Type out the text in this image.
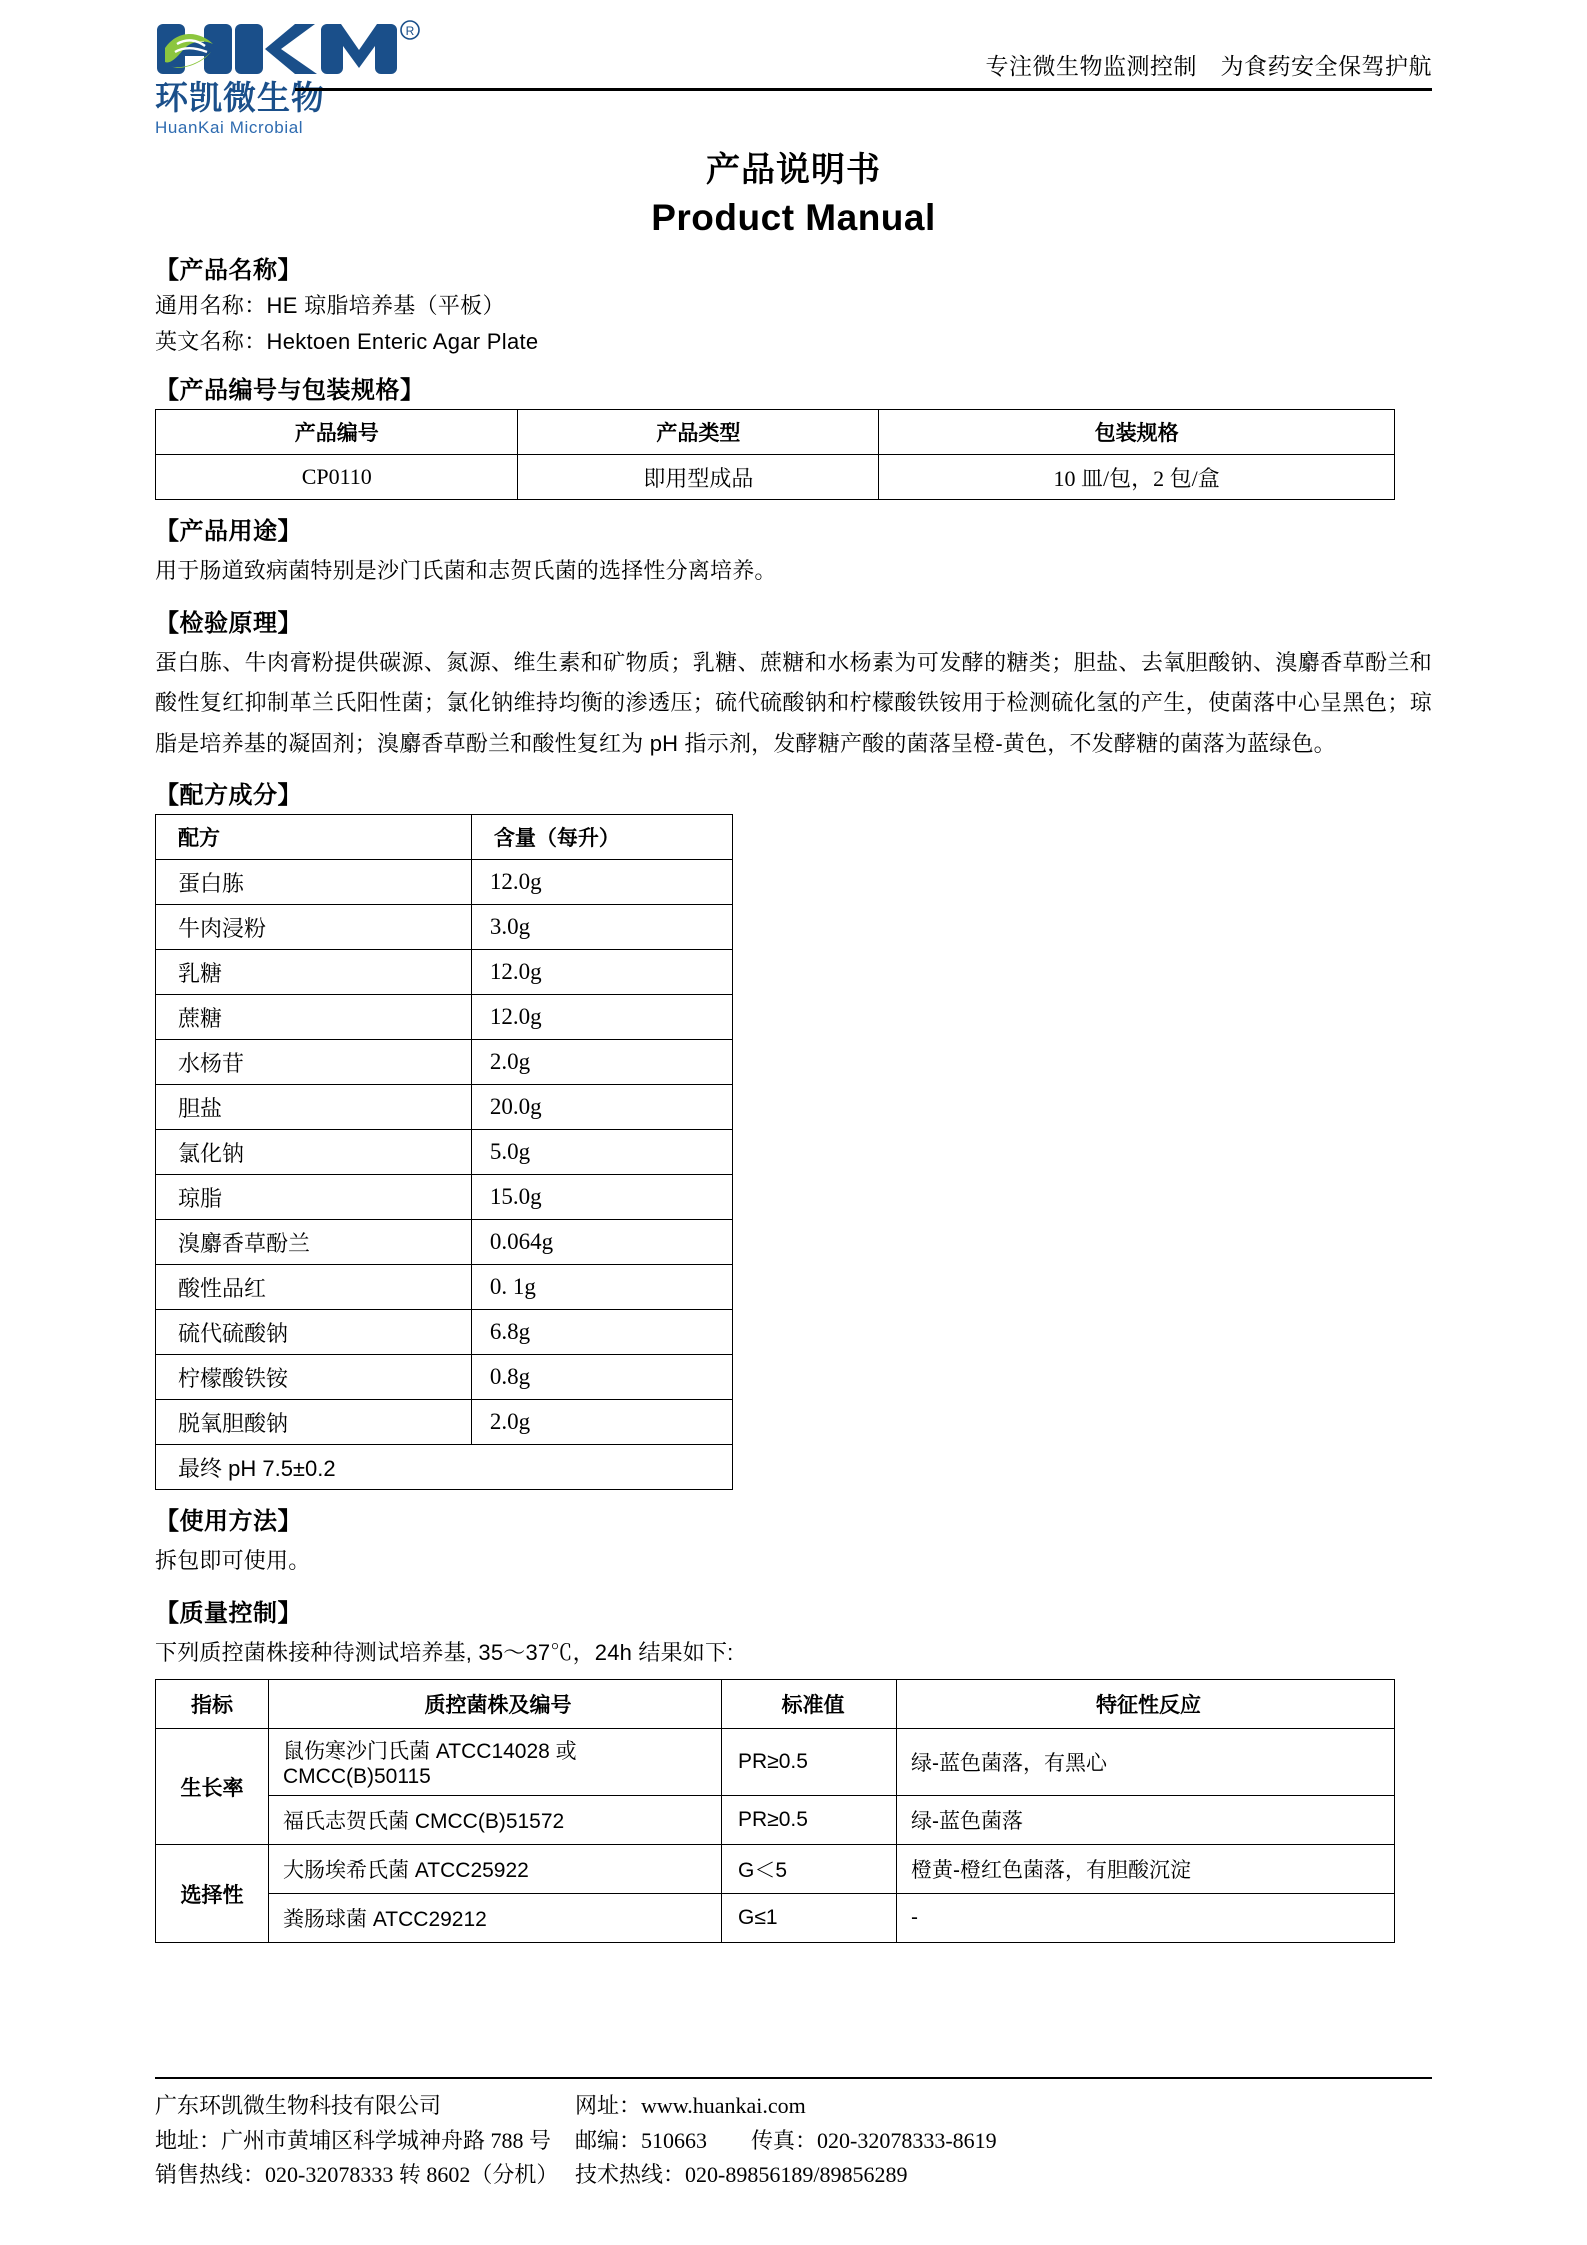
R
环凯微生物
HuanKai Microbial
专注微生物监测控制　为食药安全保驾护航
产品说明书
Product Manual
【产品名称】
通用名称：HE 琼脂培养基（平板）
英文名称：Hektoen Enteric Agar Plate
【产品编号与包装规格】
产品编号	产品类型	包装规格
CP0110	即用型成品	10 皿/包，2 包/盒
【产品用途】
用于肠道致病菌特别是沙门氏菌和志贺氏菌的选择性分离培养。
【检验原理】
蛋白胨、牛肉膏粉提供碳源、氮源、维生素和矿物质；乳糖、蔗糖和水杨素为可发酵的糖类；胆盐、去氧胆酸钠、溴麝香草酚兰和酸性复红抑制革兰氏阳性菌；氯化钠维持均衡的渗透压；硫代硫酸钠和柠檬酸铁铵用于检测硫化氢的产生，使菌落中心呈黑色；琼脂是培养基的凝固剂；溴麝香草酚兰和酸性复红为 pH 指示剂，发酵糖产酸的菌落呈橙-黄色，不发酵糖的菌落为蓝绿色。
【配方成分】
配方	含量（每升）
蛋白胨	12.0g
牛肉浸粉	3.0g
乳糖	12.0g
蔗糖	12.0g
水杨苷	2.0g
胆盐	20.0g
氯化钠	5.0g
琼脂	15.0g
溴麝香草酚兰	0.064g
酸性品红	0. 1g
硫代硫酸钠	6.8g
柠檬酸铁铵	0.8g
脱氧胆酸钠	2.0g
最终 pH 7.5±0.2	
【使用方法】
拆包即可使用。
【质量控制】
下列质控菌株接种待测试培养基, 35～37℃，24h 结果如下:
指标	质控菌株及编号	标准值	特征性反应
生长率	鼠伤寒沙门氏菌 ATCC14028 或 CMCC(B)50115	PR≥0.5	绿-蓝色菌落，有黑心
	福氏志贺氏菌 CMCC(B)51572	PR≥0.5	绿-蓝色菌落
选择性	大肠埃希氏菌 ATCC25922	G＜5	橙黄-橙红色菌落，有胆酸沉淀
	粪肠球菌 ATCC29212	G≤1	-
广东环凯微生物科技有限公司
地址：广州市黄埔区科学城神舟路 788 号
销售热线：020-32078333 转 8602（分机）
网址：www.huankai.com
邮编：510663　　传真：020-32078333-8619
技术热线：020-89856189/89856289
